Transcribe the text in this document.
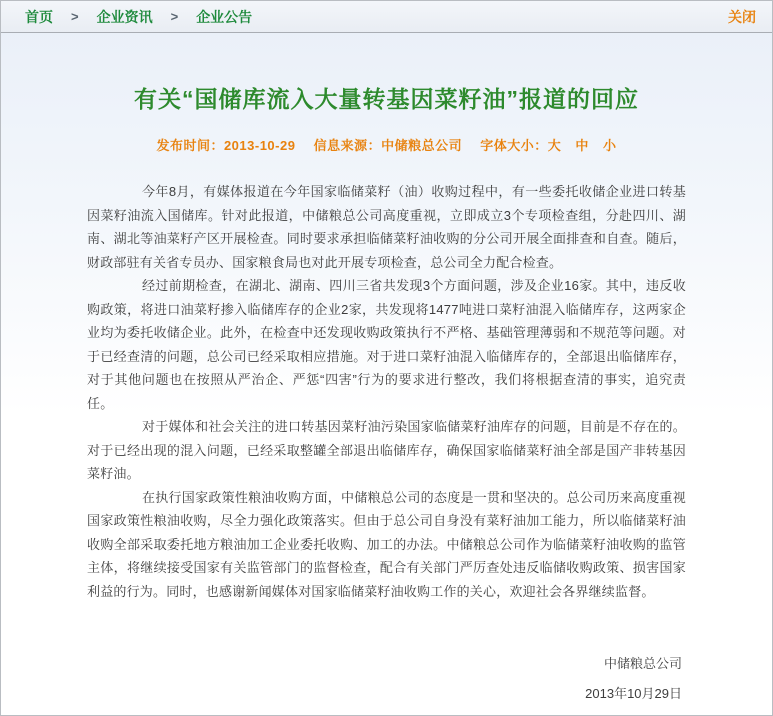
首页 > 企业资讯 > 企业公告	关闭
有关“国储库流入大量转基因菜籽油”报道的回应
发布时间：2013-10-29 信息来源：中储粮总公司 字体大小：大 中 小

今年8月，有媒体报道在今年国家临储菜籽（油）收购过程中，有一些委托收储企业进口转基因菜籽油流入国储库。针对此报道，中储粮总公司高度重视，立即成立3个专项检查组，分赴四川、湖南、湖北等油菜籽产区开展检查。同时要求承担临储菜籽油收购的分公司开展全面排查和自查。随后，财政部驻有关省专员办、国家粮食局也对此开展专项检查，总公司全力配合检查。

经过前期检查，在湖北、湖南、四川三省共发现3个方面问题，涉及企业16家。其中，违反收购政策，将进口油菜籽掺入临储库存的企业2家，共发现将1477吨进口菜籽油混入临储库存，这两家企业均为委托收储企业。此外，在检查中还发现收购政策执行不严格、基础管理薄弱和不规范等问题。对于已经查清的问题，总公司已经采取相应措施。对于进口菜籽油混入临储库存的，全部退出临储库存，对于其他问题也在按照从严治企、严惩“四害”行为的要求进行整改，我们将根据查清的事实，追究责任。

对于媒体和社会关注的进口转基因菜籽油污染国家临储菜籽油库存的问题，目前是不存在的。对于已经出现的混入问题，已经采取整罐全部退出临储库存，确保国家临储菜籽油全部是国产非转基因菜籽油。

在执行国家政策性粮油收购方面，中储粮总公司的态度是一贯和坚决的。总公司历来高度重视国家政策性粮油收购，尽全力强化政策落实。但由于总公司自身没有菜籽油加工能力，所以临储菜籽油收购全部采取委托地方粮油加工企业委托收购、加工的办法。中储粮总公司作为临储菜籽油收购的监管主体，将继续接受国家有关监管部门的监督检查，配合有关部门严厉查处违反临储收购政策、损害国家利益的行为。同时，也感谢新闻媒体对国家临储菜籽油收购工作的关心，欢迎社会各界继续监督。

中储粮总公司
2013年10月29日
